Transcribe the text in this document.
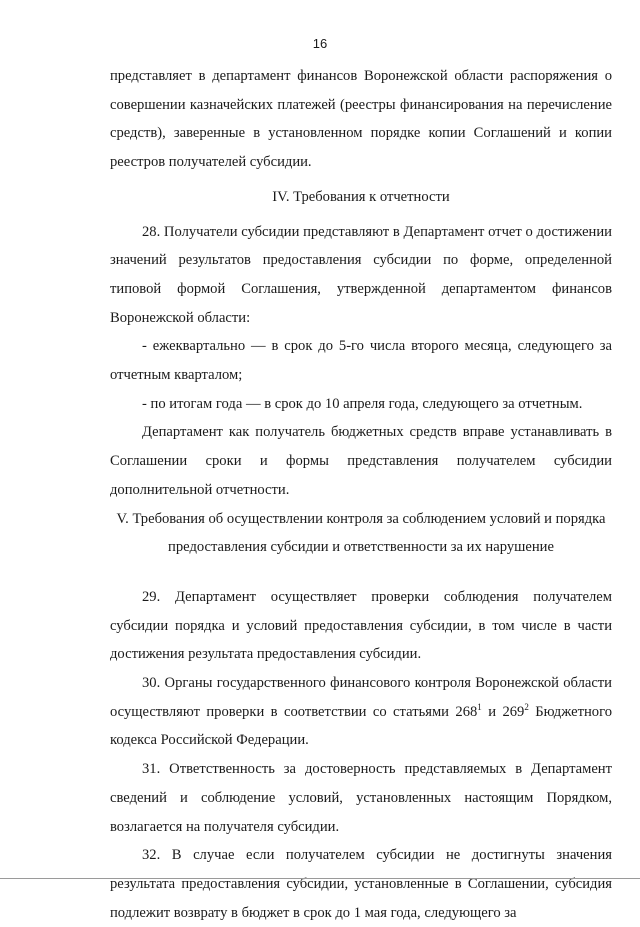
16

представляет в департамент финансов Воронежской области распоряжения о совершении казначейских платежей (реестры финансирования на перечисление средств), заверенные в установленном порядке копии Соглашений и копии реестров получателей субсидии.

IV. Требования к отчетности

28. Получатели субсидии представляют в Департамент отчет о достижении значений результатов предоставления субсидии по форме, определенной типовой формой Соглашения, утвержденной департаментом финансов Воронежской области:

- ежеквартально — в срок до 5-го числа второго месяца, следующего за отчетным кварталом;

- по итогам года — в срок до 10 апреля года, следующего за отчетным.

Департамент как получатель бюджетных средств вправе устанавливать в Соглашении сроки и формы представления получателем субсидии дополнительной отчетности.

V. Требования об осуществлении контроля за соблюдением условий и порядка предоставления субсидии и ответственности за их нарушение

29. Департамент осуществляет проверки соблюдения получателем субсидии порядка и условий предоставления субсидии, в том числе в части достижения результата предоставления субсидии.

30. Органы государственного финансового контроля Воронежской области осуществляют проверки в соответствии со статьями $268^1$ и $269^2$ Бюджетного кодекса Российской Федерации.

31. Ответственность за достоверность представляемых в Департамент сведений и соблюдение условий, установленных настоящим Порядком, возлагается на получателя субсидии.

32. В случае если получателем субсидии не достигнуты значения результата предоставления субсидии, установленные в Соглашении, субсидия подлежит возврату в бюджет в срок до 1 мая года, следующего за
